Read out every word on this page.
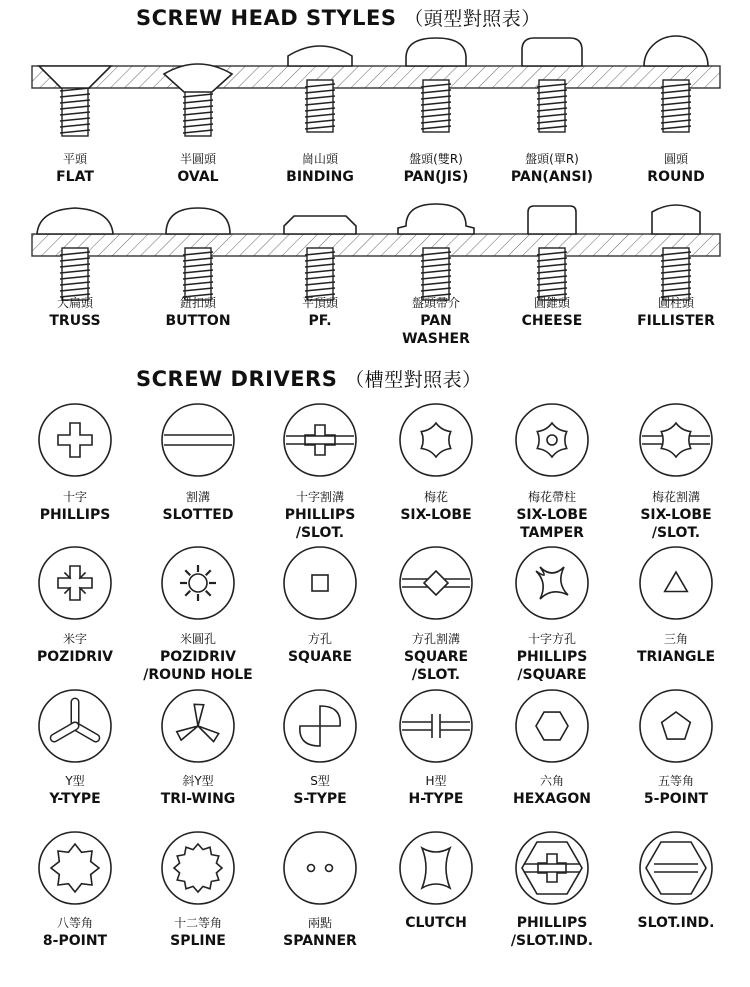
SCREW HEAD STYLES （頭型對照表）
SCREW DRIVERS （槽型對照表）
平頭
FLAT
半圓頭
OVAL
崗山頭
BINDING
盤頭(雙R)
PAN(JIS)
盤頭(單R)
PAN(ANSI)
圓頭
ROUND
大扁頭
TRUSS
鈕扣頭
BUTTON
平頂頭
PF.
盤頭帶介
PAN
WASHER
圓錐頭
CHEESE
圓柱頭
FILLISTER
十字
PHILLIPS
割溝
SLOTTED
十字割溝
PHILLIPS
/SLOT.
梅花
SIX-LOBE
梅花帶柱
SIX-LOBE
TAMPER
梅花割溝
SIX-LOBE
/SLOT.
米字
POZIDRIV
米圓孔
POZIDRIV
/ROUND HOLE
方孔
SQUARE
方孔割溝
SQUARE
/SLOT.
十字方孔
PHILLIPS
/SQUARE
三角
TRIANGLE
Y型
Y-TYPE
斜Y型
TRI-WING
S型
S-TYPE
H型
H-TYPE
六角
HEXAGON
五等角
5-POINT
八等角
8-POINT
十二等角
SPLINE
兩點
SPANNER
CLUTCH	PHILLIPS
/SLOT.IND.
SLOT.IND.
